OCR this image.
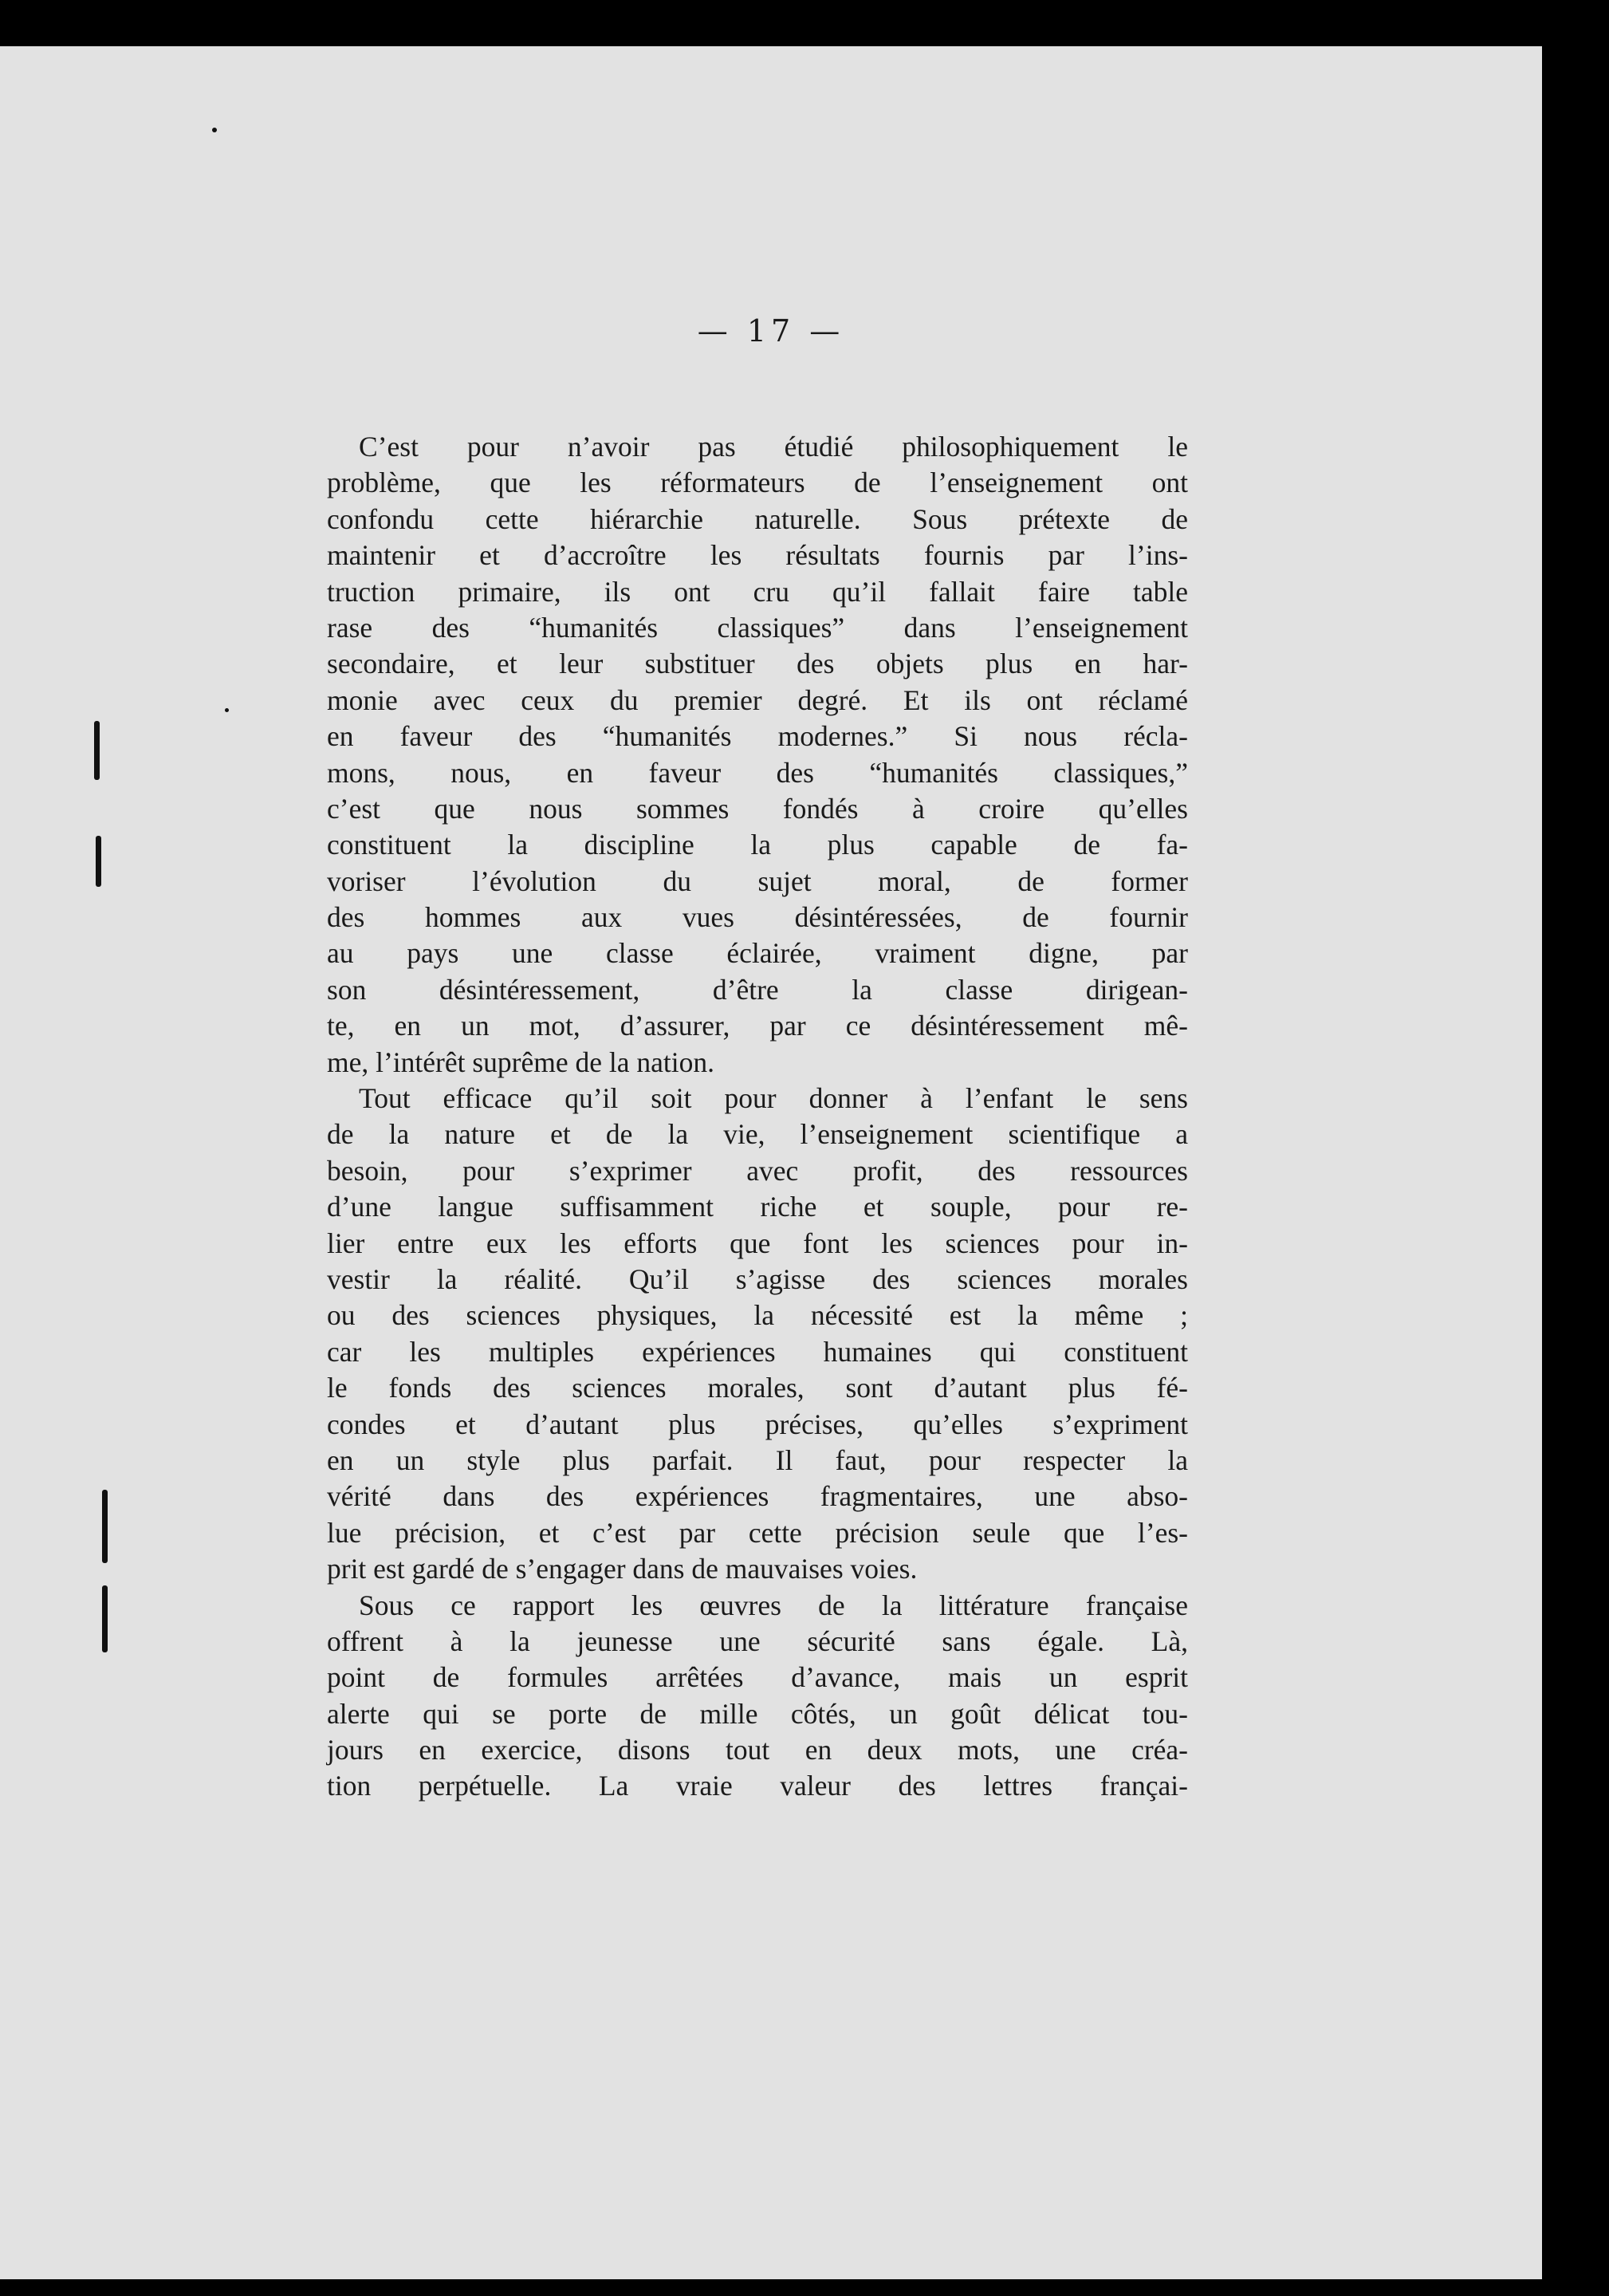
— 17 —
C’est pour n’avoir pas étudié philosophiquement le
problème, que les réformateurs de l’enseignement ont
confondu cette hiérarchie naturelle. Sous prétexte de
maintenir et d’accroître les résultats fournis par l’ins-
truction primaire, ils ont cru qu’il fallait faire table
rase des “humanités classiques” dans l’enseignement
secondaire, et leur substituer des objets plus en har-
monie avec ceux du premier degré. Et ils ont réclamé
en faveur des “humanités modernes.” Si nous récla-
mons, nous, en faveur des “humanités classiques,”
c’est que nous sommes fondés à croire qu’elles
constituent la discipline la plus capable de fa-
voriser l’évolution du sujet moral, de former
des hommes aux vues désintéressées, de fournir
au pays une classe éclairée, vraiment digne, par
son désintéressement, d’être la classe dirigean-
te, en un mot, d’assurer, par ce désintéressement mê-
me, l’intérêt suprême de la nation.
Tout efficace qu’il soit pour donner à l’enfant le sens
de la nature et de la vie, l’enseignement scientifique a
besoin, pour s’exprimer avec profit, des ressources
d’une langue suffisamment riche et souple, pour re-
lier entre eux les efforts que font les sciences pour in-
vestir la réalité. Qu’il s’agisse des sciences morales
ou des sciences physiques, la nécessité est la même ;
car les multiples expériences humaines qui constituent
le fonds des sciences morales, sont d’autant plus fé-
condes et d’autant plus précises, qu’elles s’expriment
en un style plus parfait. Il faut, pour respecter la
vérité dans des expériences fragmentaires, une abso-
lue précision, et c’est par cette précision seule que l’es-
prit est gardé de s’engager dans de mauvaises voies.
Sous ce rapport les œuvres de la littérature française
offrent à la jeunesse une sécurité sans égale. Là,
point de formules arrêtées d’avance, mais un esprit
alerte qui se porte de mille côtés, un goût délicat tou-
jours en exercice, disons tout en deux mots, une créa-
tion perpétuelle. La vraie valeur des lettres françai-
